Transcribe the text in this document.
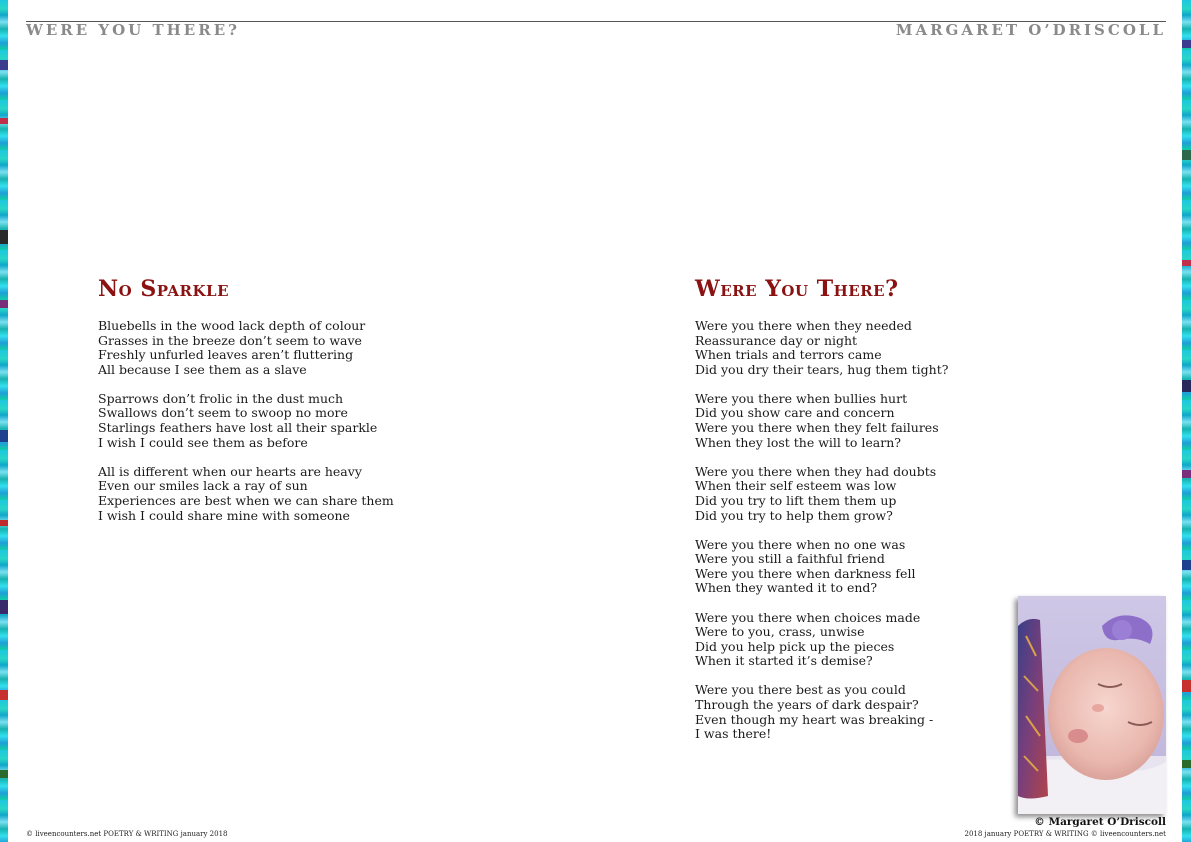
WERE YOU THERE?	MARGARET O’DRISCOLL
No Sparkle
Bluebells in the wood lack depth of colour
Grasses in the breeze don’t seem to wave
Freshly unfurled leaves aren’t fluttering
All because I see them as a slave
Sparrows don’t frolic in the dust much
Swallows don’t seem to swoop no more
Starlings feathers have lost all their sparkle
I wish I could see them as before
All is different when our hearts are heavy
Even our smiles lack a ray of sun
Experiences are best when we can share them
I wish I could share mine with someone
Were You There?
Were you there when they needed
Reassurance day or night
When trials and terrors came
Did you dry their tears, hug them tight?
Were you there when bullies hurt
Did you show care and concern
Were you there when they felt failures
When they lost the will to learn?
Were you there when they had doubts
When their self esteem was low
Did you try to lift them them up
Did you try to help them grow?
Were you there when no one was
Were you still a faithful friend
Were you there when darkness fell
When they wanted it to end?
Were you there when choices made
Were to you, crass, unwise
Did you help pick up the pieces
When it started it’s demise?
Were you there best as you could
Through the years of dark despair?
Even though my heart was breaking -
I was there!
© Margaret O’Driscoll
© liveencounters.net POETRY & WRITING january 2018	2018 january POETRY & WRITING © liveencounters.net
